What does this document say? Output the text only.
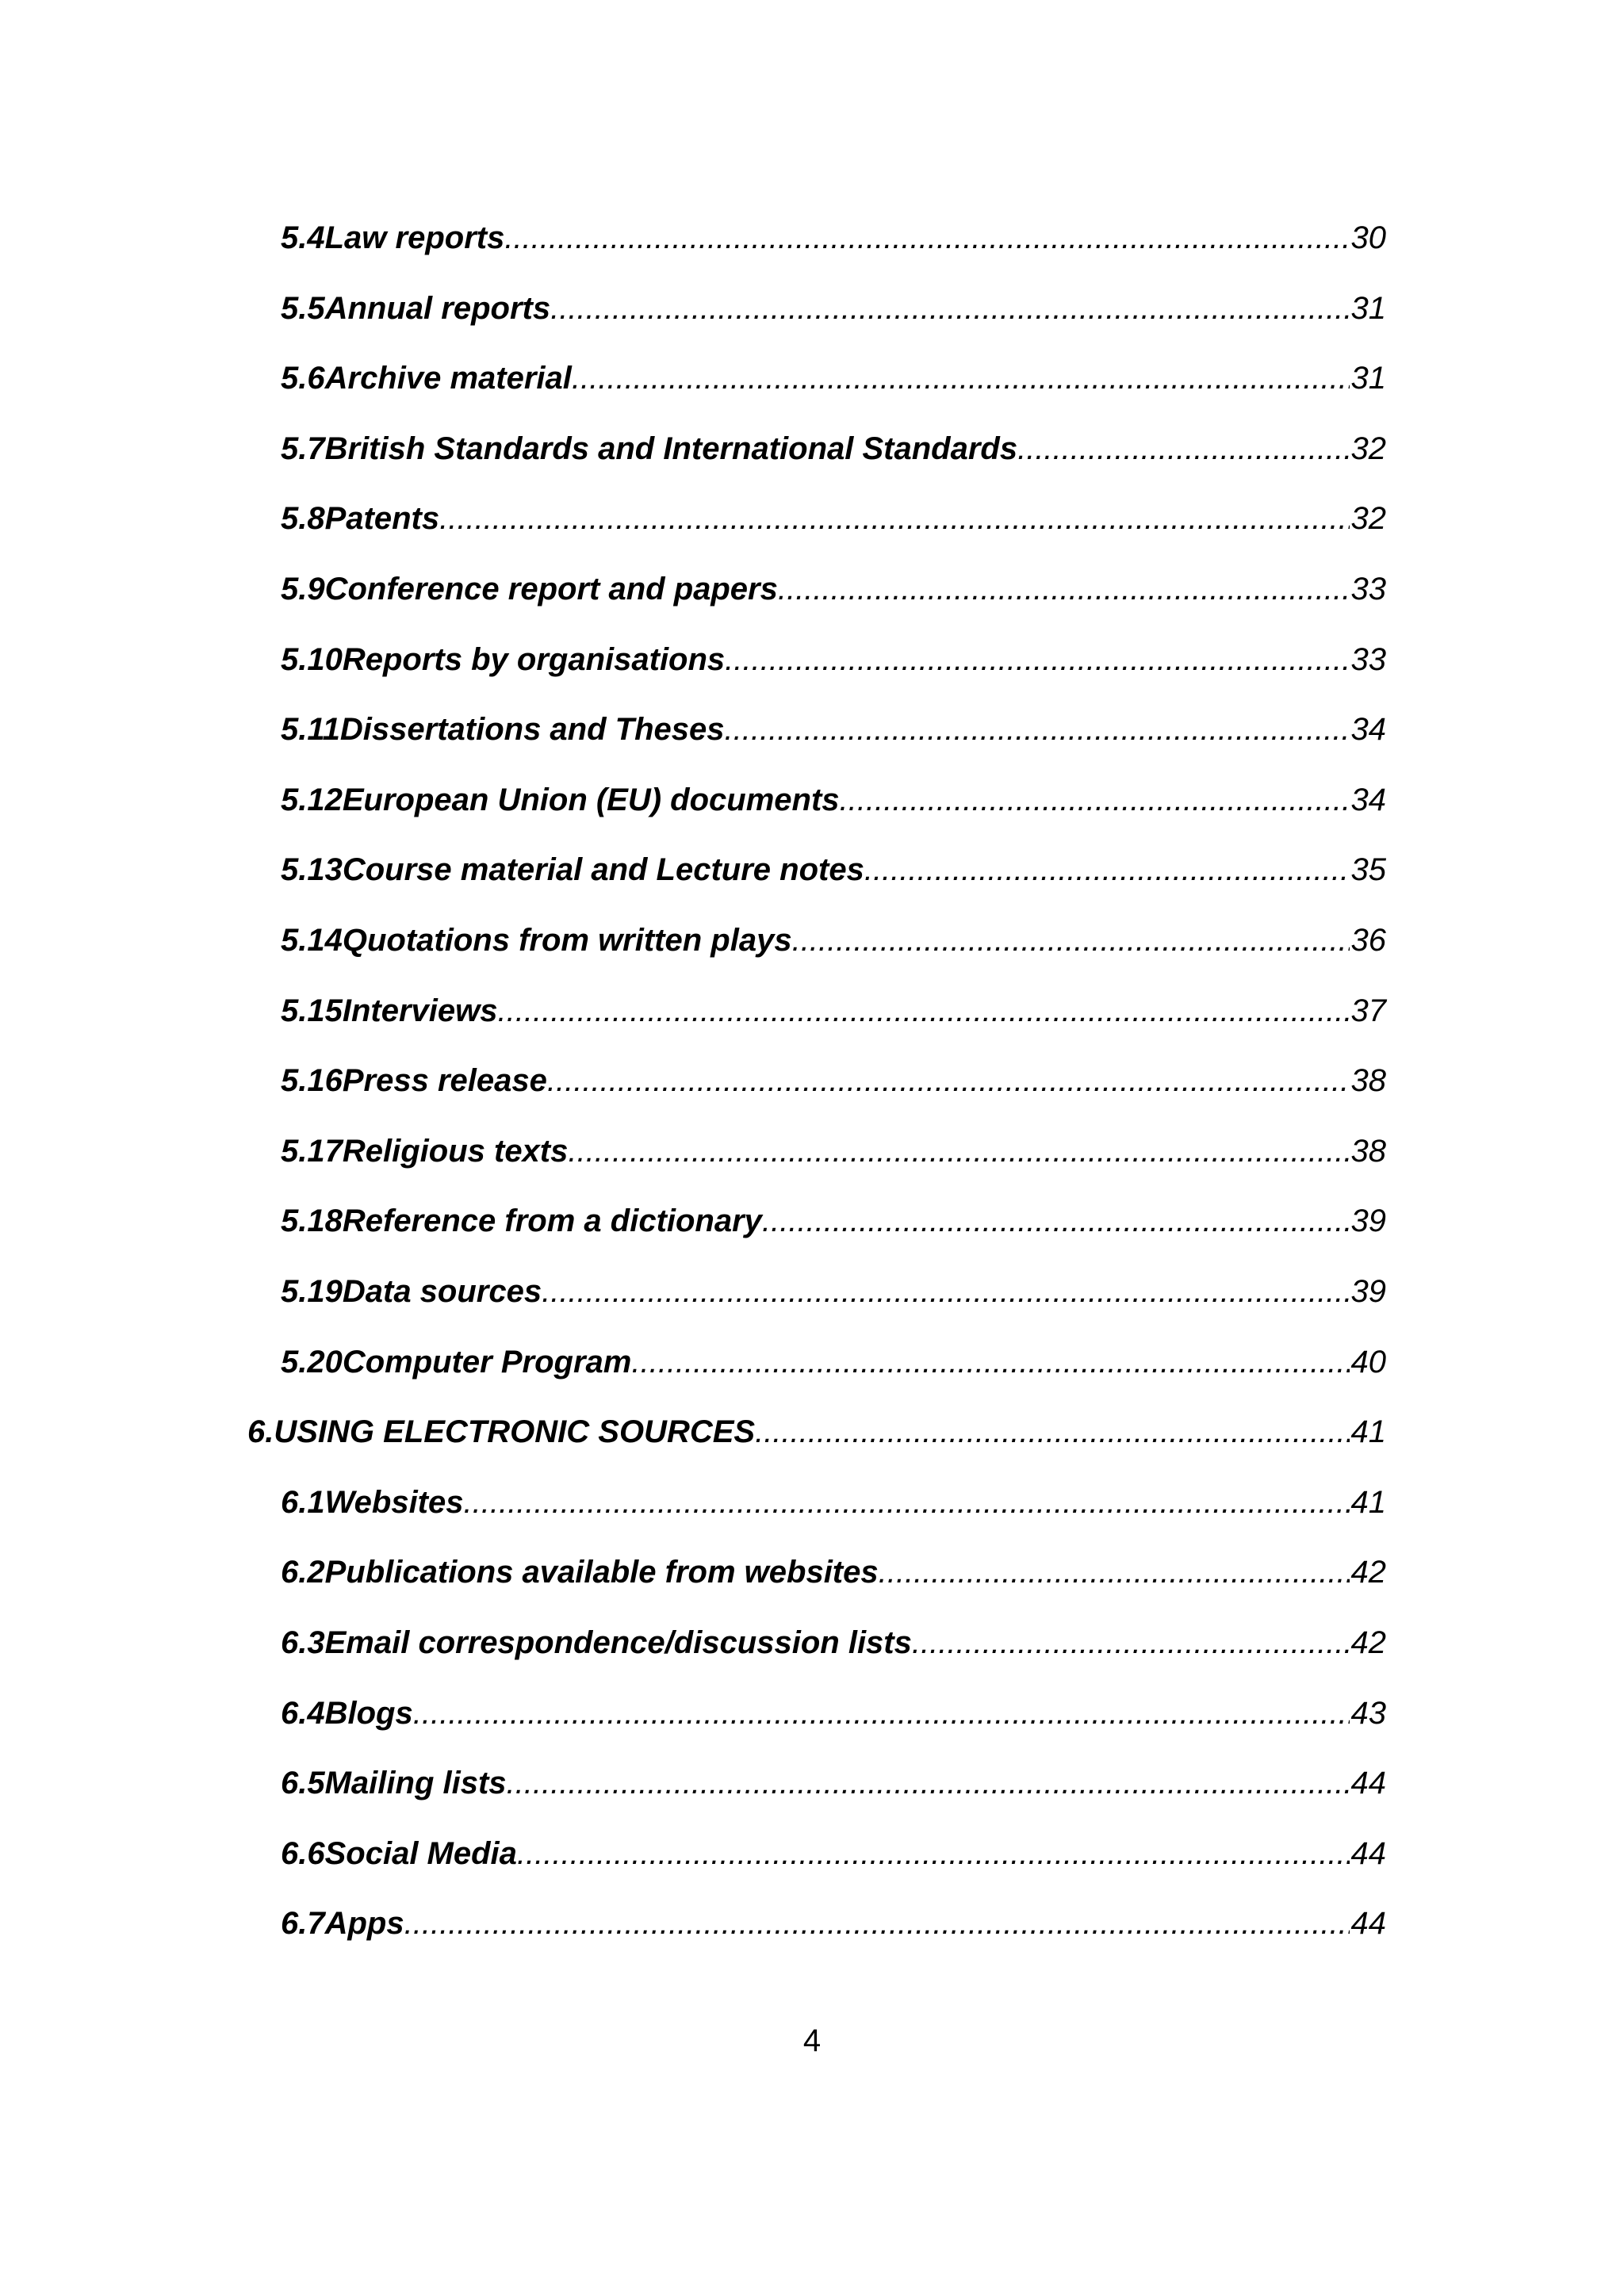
5.4 Law reports .....	30
5.5 Annual reports .....	31
5.6 Archive material .....	31
5.7 British Standards and International Standards .....	32
5.8 Patents .....	32
5.9 Conference report and papers .....	33
5.10 Reports by organisations .....	33
5.11 Dissertations and Theses .....	34
5.12 European Union (EU) documents .....	34
5.13 Course material and Lecture notes .....	35
5.14 Quotations from written plays .....	36
5.15 Interviews .....	37
5.16 Press release .....	38
5.17 Religious texts .....	38
5.18 Reference from a dictionary .....	39
5.19 Data sources .....	39
5.20 Computer Program .....	40
6. USING ELECTRONIC SOURCES .....	41
6.1 Websites .....	41
6.2 Publications available from websites .....	42
6.3 Email correspondence/discussion lists .....	42
6.4 Blogs .....	43
6.5 Mailing lists .....	44
6.6 Social Media .....	44
6.7 Apps .....	44
4
